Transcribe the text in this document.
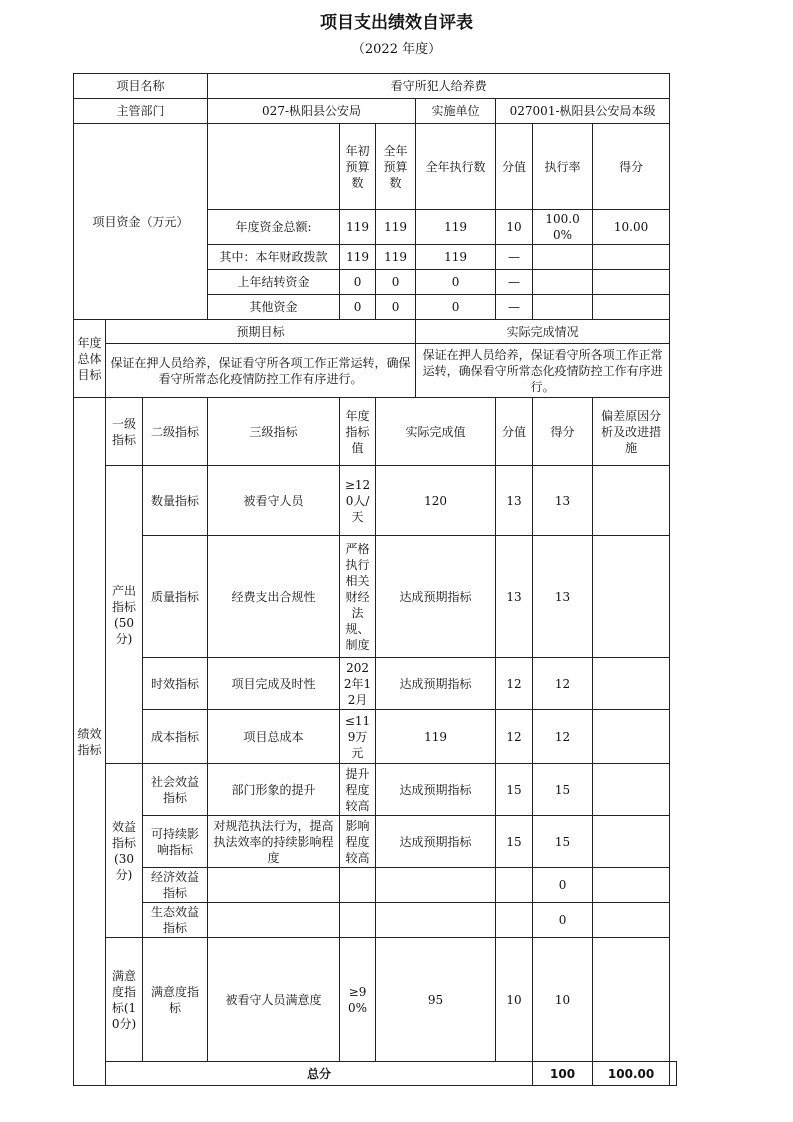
项目支出绩效自评表
（2022 年度）
项目名称			看守所犯人给养费							
主管部门			027-枞阳县公安局			实施单位	027001-枞阳县公安局本级			
项目资金（万元）				年初预算数	全年预算数	全年执行数	分值	执行率	得分	
			年度资金总额:	119	119	119	10	100.00%	10.00	
			其中：本年财政拨款	119	119	119	—			
			上年结转资金	0	0	0	—			
			其他资金	0	0	0	—			
年度总体目标	预期目标					实际完成情况				
	保证在押人员给养，保证看守所各项工作正常运转，确保看守所常态化疫情防控工作有序进行。					保证在押人员给养，保证看守所各项工作正常运转，确保看守所常态化疫情防控工作有序进行。				
绩效指标	一级指标	二级指标	三级指标	年度指标值	实际完成值		分值	得分	偏差原因分析及改进措施	
	产出指标(50分)	数量指标	被看守人员	≥120人/天	120		13	13		
		质量指标	经费支出合规性	严格执行相关财经法规、制度	达成预期指标		13	13		
		时效指标	项目完成及时性	2022年12月	达成预期指标		12	12		
		成本指标	项目总成本	≤119万元	119		12	12		
	效益指标(30分)	社会效益指标	部门形象的提升	提升程度较高	达成预期指标		15	15		
		可持续影响指标	对规范执法行为，提高执法效率的持续影响程度	影响程度较高	达成预期指标		15	15		
		经济效益指标						0		
		生态效益指标						0		
	满意度指标(10分)	满意度指标	被看守人员满意度	≥90%	95		10	10		
	总分							100	100.00	
